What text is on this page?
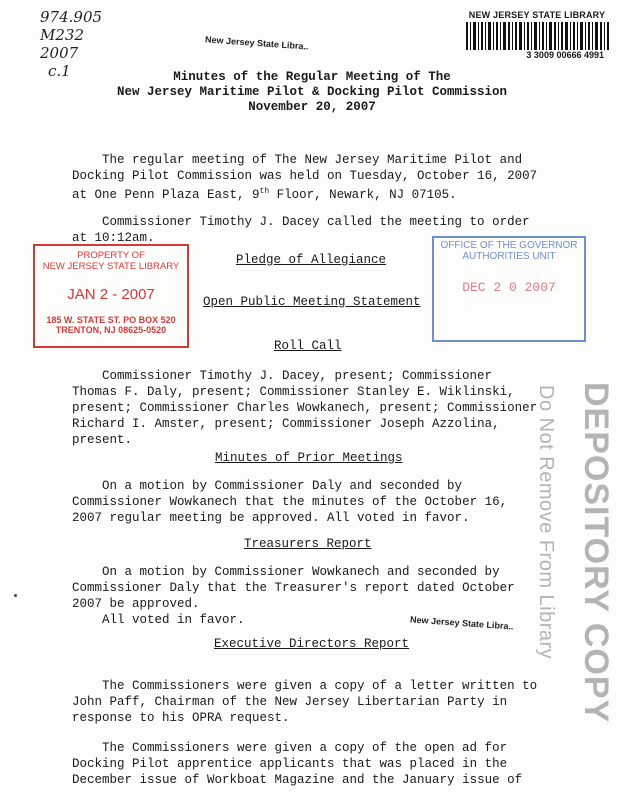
974.905
M232
2007
c.1
New Jersey State Libra..
NEW JERSEY STATE LIBRARY
3 3009 00666 4991
Minutes of the Regular Meeting of The
New Jersey Maritime Pilot & Docking Pilot Commission
November 20, 2007

The regular meeting of The New Jersey Maritime Pilot and Docking Pilot Commission was held on Tuesday, October 16, 2007 at One Penn Plaza East, 9th Floor, Newark, NJ 07105.

Commissioner Timothy J. Dacey called the meeting to order at 10:12am.

PROPERTY OF
NEW JERSEY STATE LIBRARY
JAN 2 - 2007
185 W. STATE ST. PO BOX 520
TRENTON, NJ 08625-0520
OFFICE OF THE GOVERNOR
AUTHORITIES UNIT
DEC 2 0 2007
Pledge of Allegiance
Open Public Meeting Statement
Roll Call

Commissioner Timothy J. Dacey, present; Commissioner Thomas F. Daly, present; Commissioner Stanley E. Wiklinski, present; Commissioner Charles Wowkanech, present; Commissioner Richard I. Amster, present; Commissioner Joseph Azzolina, present.

Minutes of Prior Meetings

On a motion by Commissioner Daly and seconded by Commissioner Wowkanech that the minutes of the October 16, 2007 regular meeting be approved. All voted in favor.

Treasurers Report

On a motion by Commissioner Wowkanech and seconded by Commissioner Daly that the Treasurer's report dated October 2007 be approved.

All voted in favor.	New Jersey State Libra..
Executive Directors Report

The Commissioners were given a copy of a letter written to John Paff, Chairman of the New Jersey Libertarian Party in response to his OPRA request.

The Commissioners were given a copy of the open ad for Docking Pilot apprentice applicants that was placed in the December issue of Workboat Magazine and the January issue of

DEPOSITORY COPY
Do Not Remove From Library
